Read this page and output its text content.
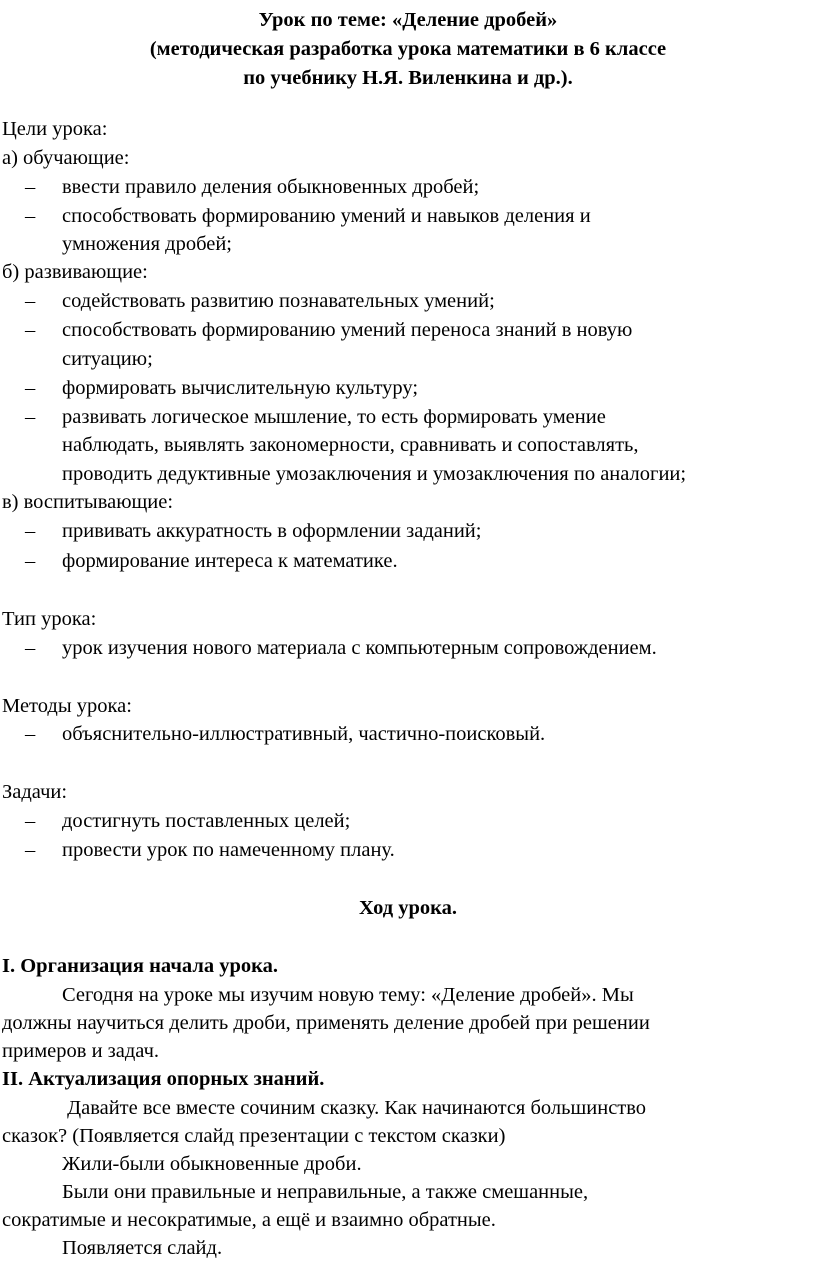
Урок по теме: «Деление дробей»
(методическая разработка урока математики в 6 классе
по учебнику Н.Я. Виленкина и др.).
Цели урока:
а) обучающие:
– ввести правило деления обыкновенных дробей;
– способствовать формированию умений и навыков деления и
умножения дробей;
б) развивающие:
– содействовать развитию познавательных умений;
– способствовать формированию умений переноса знаний в новую
ситуацию;
– формировать вычислительную культуру;
– развивать логическое мышление, то есть формировать умение
наблюдать, выявлять закономерности, сравнивать и сопоставлять,
проводить дедуктивные умозаключения и умозаключения по аналогии;
в) воспитывающие:
– прививать аккуратность в оформлении заданий;
– формирование интереса к математике.
Тип урока:
– урок изучения нового материала с компьютерным сопровождением.
Методы урока:
– объяснительно-иллюстративный, частично-поисковый.
Задачи:
– достигнуть поставленных целей;
– провести урок по намеченному плану.
Ход урока.
I. Организация начала урока.
Сегодня на уроке мы изучим новую тему: «Деление дробей». Мы
должны научиться делить дроби, применять деление дробей при решении
примеров и задач.
II. Актуализация опорных знаний.
Давайте все вместе сочиним сказку. Как начинаются большинство
сказок? (Появляется слайд презентации с текстом сказки)
Жили-были обыкновенные дроби.
Были они правильные и неправильные, а также смешанные,
сократимые и несократимые, а ещё и взаимно обратные.
Появляется слайд.
